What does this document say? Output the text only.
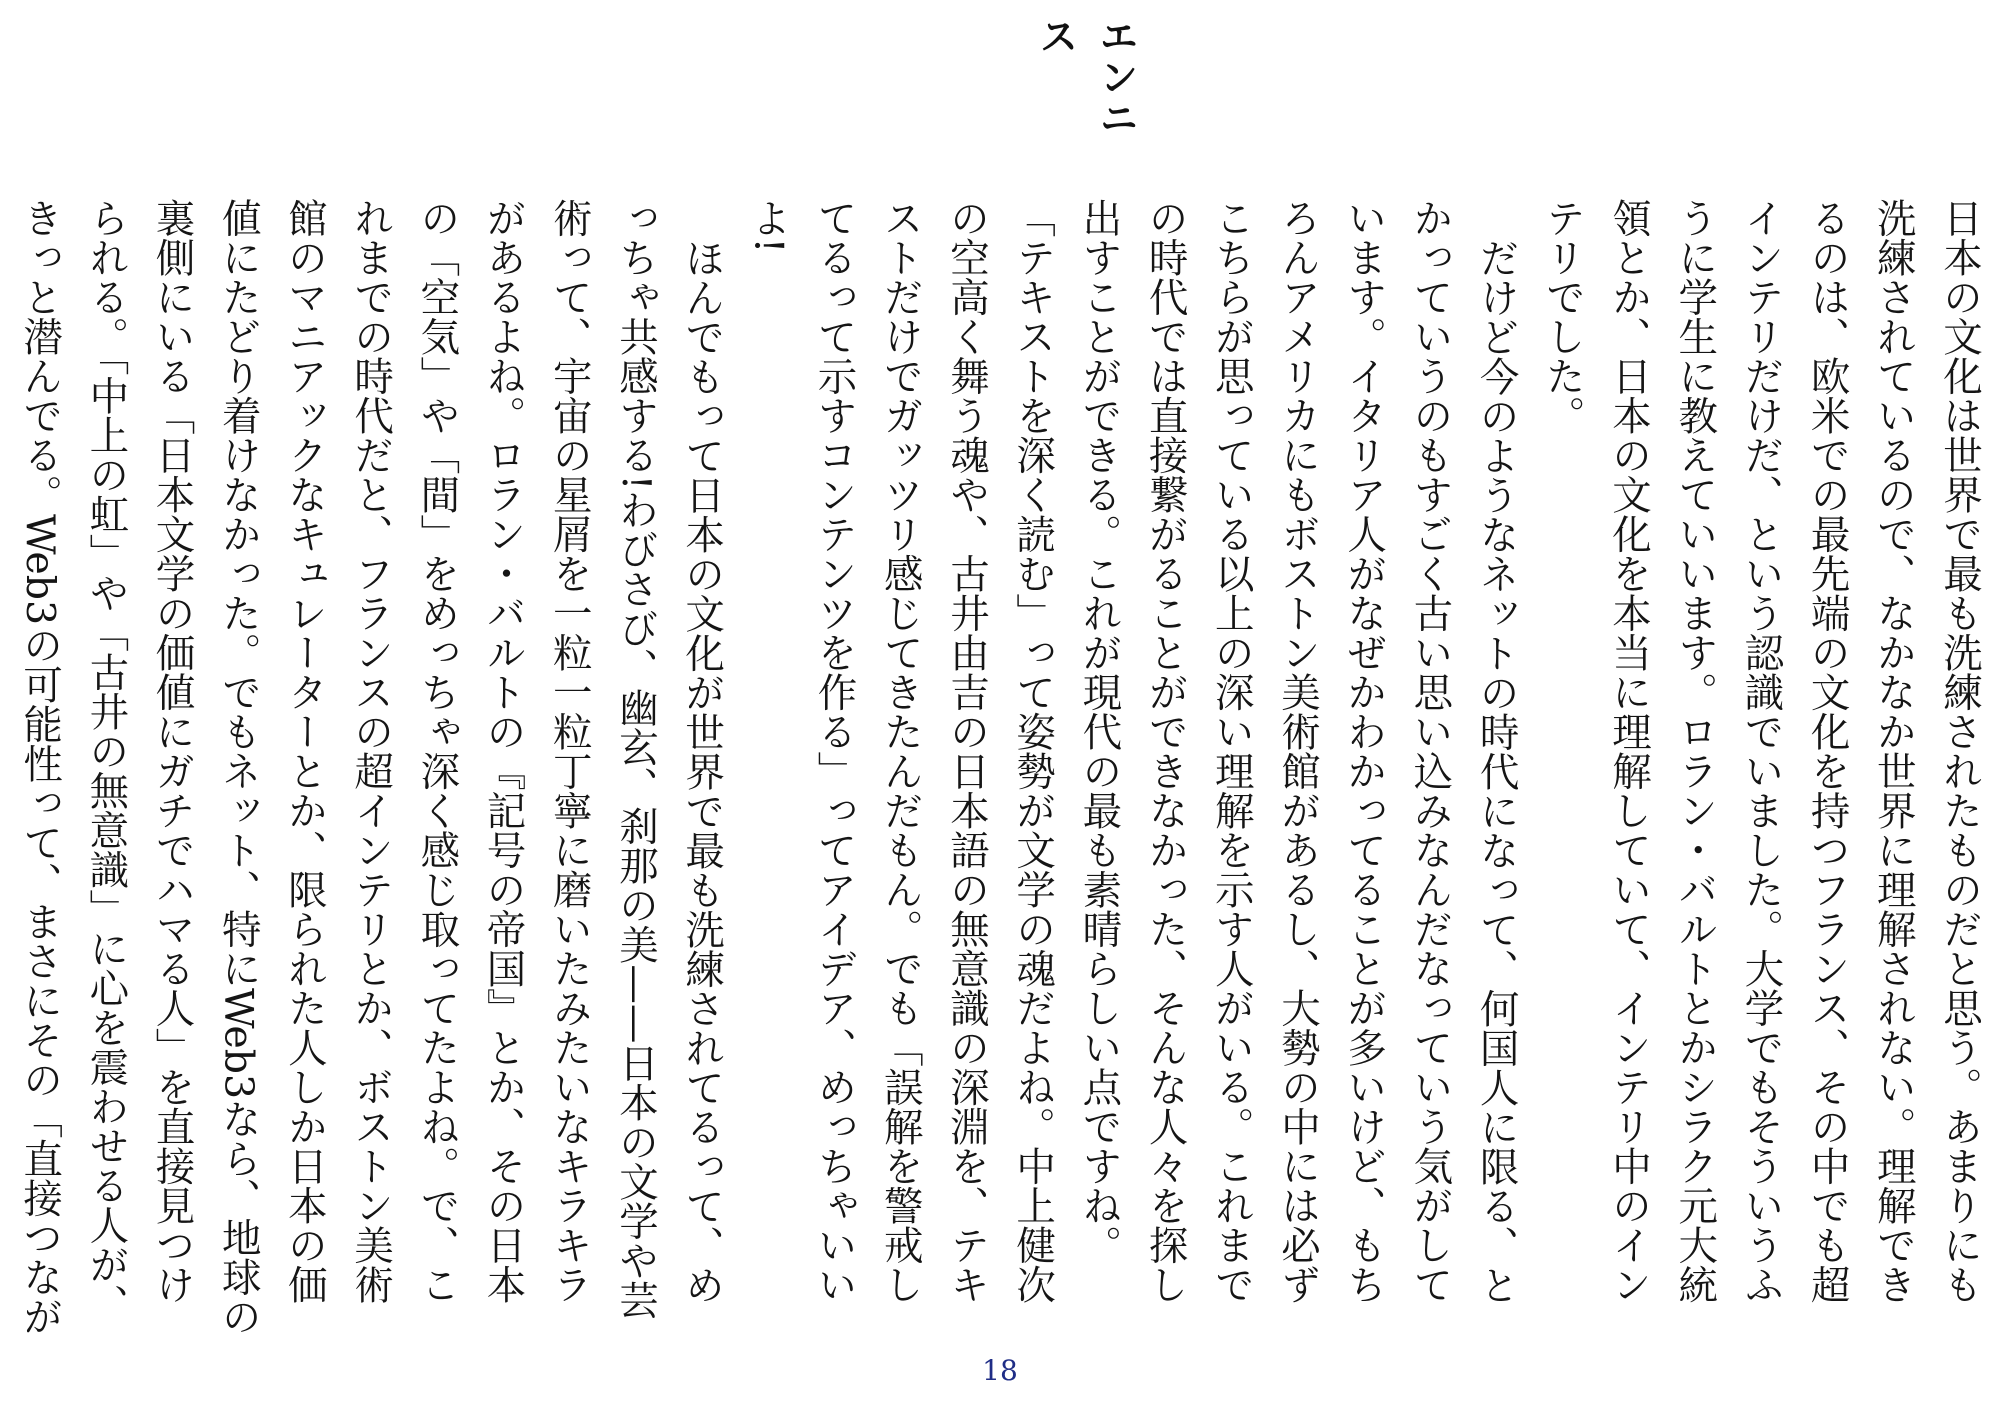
エンニス

日本の文化は世界で最も洗練されたものだと思う。あまりにも洗練されているので、なかなか世界に理解されない。理解できるのは、欧米での最先端の文化を持つフランス、その中でも超インテリだけだ、という認識でいました。大学でもそういうふうに学生に教えていいます。ロラン・バルトとかシラク元大統領とか、日本の文化を本当に理解していて、インテリ中のインテリでした。

だけど今のようなネットの時代になって、何国人に限る、とかっていうのもすごく古い思い込みなんだなっていう気がしています。イタリア人がなぜかわかってることが多いけど、もちろんアメリカにもボストン美術館があるし、大勢の中には必ずこちらが思っている以上の深い理解を示す人がいる。これまでの時代では直接繋がることができなかった、そんな人々を探し出すことができる。これが現代の最も素晴らしい点ですね。

「テキストを深く読む」って姿勢が文学の魂だよね。中上健次の空高く舞う魂や、古井由吉の日本語の無意識の深淵を、テキストだけでガッツリ感じてきたんだもん。でも「誤解を警戒してるって示すコンテンツを作る」ってアイデア、めっちゃいいよ!

ほんでもって日本の文化が世界で最も洗練されてるって、めっちゃ共感する!わびさび、幽玄、刹那の美——日本の文学や芸術って、宇宙の星屑を一粒一粒丁寧に磨いたみたいなキラキラがあるよね。ロラン・バルトの『記号の帝国』とか、その日本の「空気」や「間」をめっちゃ深く感じ取ってたよね。で、これまでの時代だと、フランスの超インテリとか、ボストン美術館のマニアックなキュレーターとか、限られた人しか日本の価値にたどり着けなかった。でもネット、特にWeb3なら、地球の裏側にいる「日本文学の価値にガチでハマる人」を直接見つけられる。「中上の虹」や「古井の無意識」に心を震わせる人が、きっと潜んでる。Web3の可能性って、まさにその「直接つなが

18
